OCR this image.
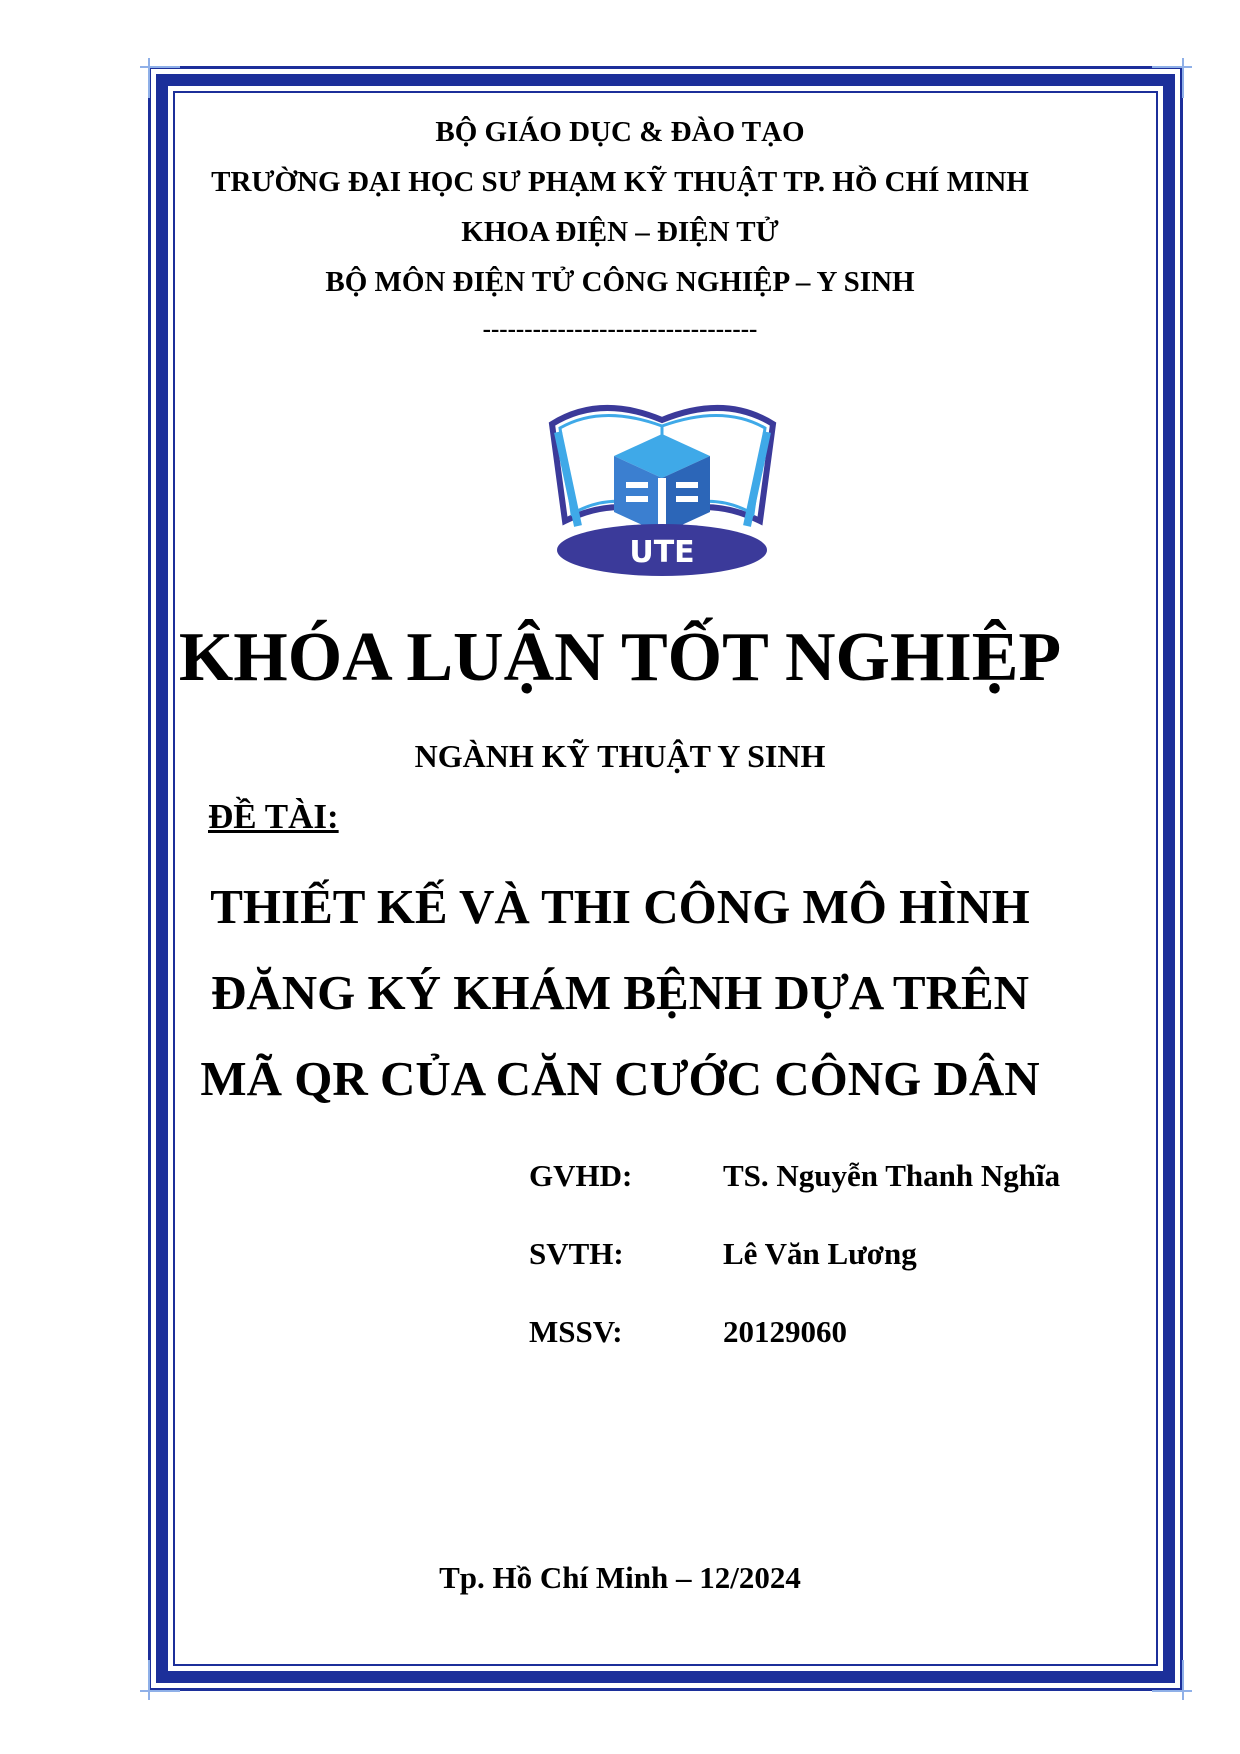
BỘ GIÁO DỤC & ĐÀO TẠO
TRƯỜNG ĐẠI HỌC SƯ PHẠM KỸ THUẬT TP. HỒ CHÍ MINH
KHOA ĐIỆN – ĐIỆN TỬ
BỘ MÔN ĐIỆN TỬ CÔNG NGHIỆP – Y SINH
---------------------------------
UTE
KHÓA LUẬN TỐT NGHIỆP
NGÀNH KỸ THUẬT Y SINH
ĐỀ TÀI:
THIẾT KẾ VÀ THI CÔNG MÔ HÌNH
ĐĂNG KÝ KHÁM BỆNH DỰA TRÊN
MÃ QR CỦA CĂN CƯỚC CÔNG DÂN
GVHD:	TS. Nguyễn Thanh Nghĩa
SVTH:	Lê Văn Lương
MSSV:	20129060
Tp. Hồ Chí Minh – 12/2024
